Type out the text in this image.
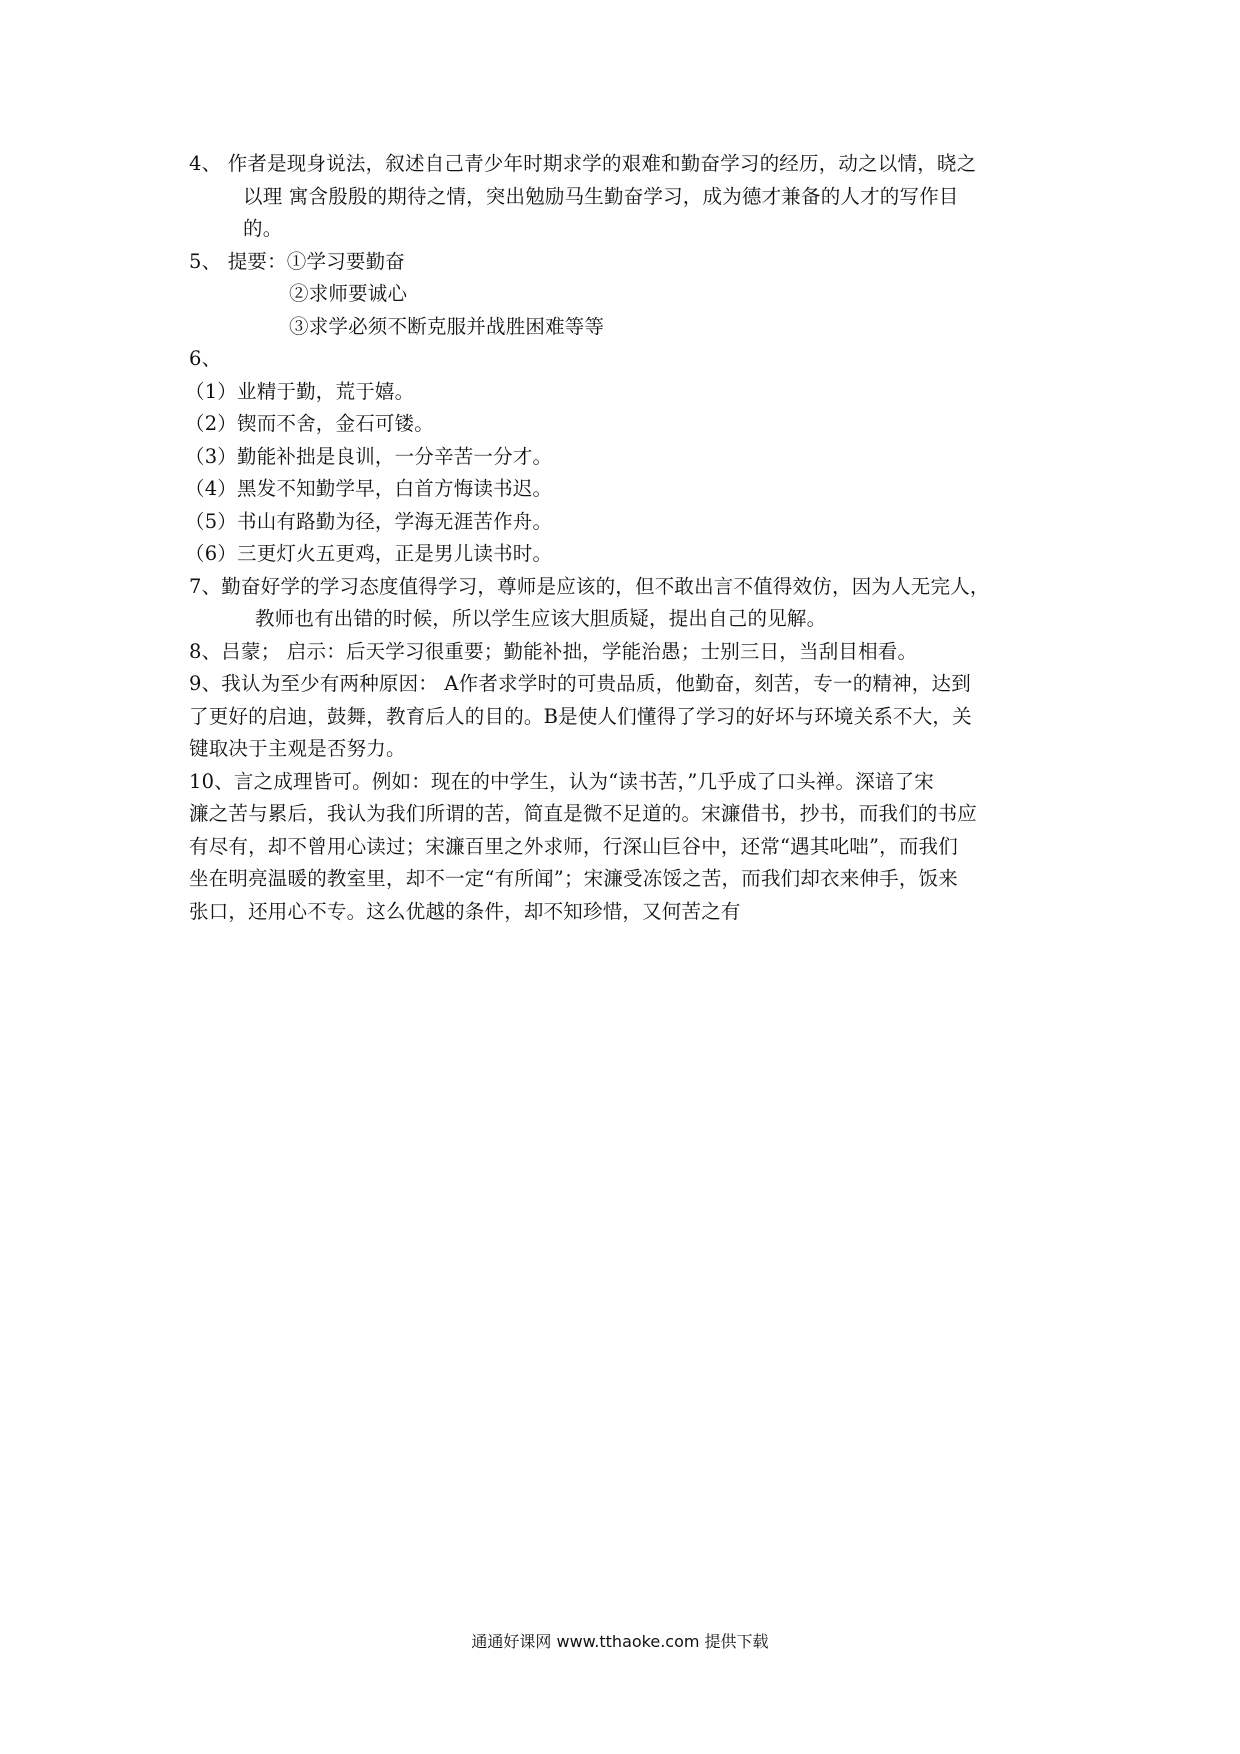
4、 作者是现身说法，叙述自己青少年时期求学的艰难和勤奋学习的经历，动之以情，晓之
以理 寓含殷殷的期待之情，突出勉励马生勤奋学习，成为德才兼备的人才的写作目
的。
5、 提要：①学习要勤奋
②求师要诚心
③求学必须不断克服并战胜困难等等
6、
（1）业精于勤，荒于嬉。
（2）锲而不舍，金石可镂。
（3）勤能补拙是良训，一分辛苦一分才。
（4）黑发不知勤学早，白首方悔读书迟。
（5）书山有路勤为径，学海无涯苦作舟。
（6）三更灯火五更鸡，正是男儿读书时。
7、勤奋好学的学习态度值得学习，尊师是应该的，但不敢出言不值得效仿，因为人无完人，
教师也有出错的时候，所以学生应该大胆质疑，提出自己的见解。
8、吕蒙； 启示：后天学习很重要；勤能补拙，学能治愚；士别三日，当刮目相看。
9、我认为至少有两种原因： A作者求学时的可贵品质，他勤奋，刻苦，专一的精神，达到
了更好的启迪，鼓舞，教育后人的目的。B是使人们懂得了学习的好坏与环境关系不大，关
键取决于主观是否努力。
10、言之成理皆可。例如：现在的中学生，认为“读书苦，”几乎成了口头禅。深谙了宋
濂之苦与累后，我认为我们所谓的苦，简直是微不足道的。宋濂借书，抄书，而我们的书应
有尽有，却不曾用心读过；宋濂百里之外求师，行深山巨谷中，还常“遇其叱咄”，而我们
坐在明亮温暖的教室里，却不一定“有所闻”；宋濂受冻馁之苦，而我们却衣来伸手，饭来
张口，还用心不专。这么优越的条件，却不知珍惜，又何苦之有
通通好课网 www.tthaoke.com 提供下载
